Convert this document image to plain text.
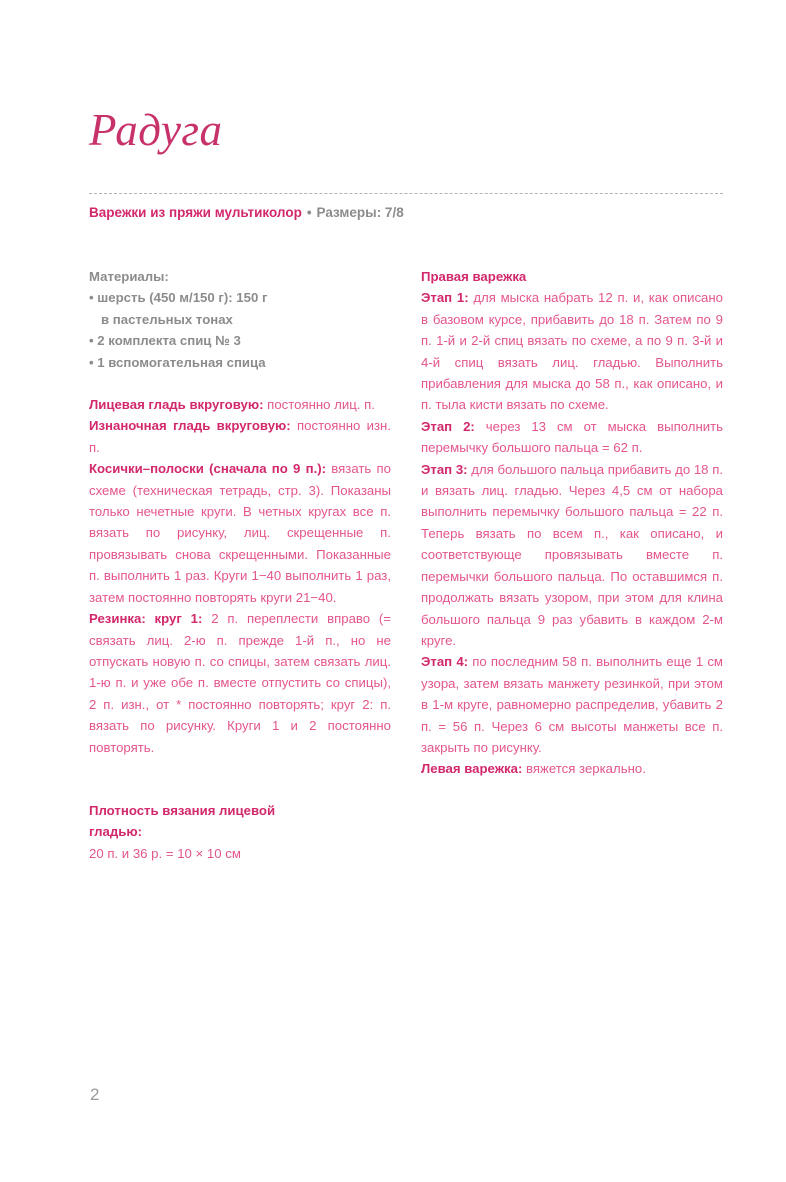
Радуга
Варежки из пряжи мультиколор • Размеры: 7/8

Материалы:

• шерсть (450 м/150 г): 150 г

в пастельных тонах

• 2 комплекта спиц № 3

• 1 вспомогательная спица

Лицевая гладь вкруговую: постоянно лиц. п.

Изнаночная гладь вкруговую: постоянно изн. п.

Косички–полоски (сначала по 9 п.): вязать по схеме (техническая тетрадь, стр. 3). Показаны только нечетные круги. В четных кругах все п. вязать по рисунку, лиц. скрещенные п. провязывать снова скрещенными. Показанные п. выполнить 1 раз. Круги 1−40 выполнить 1 раз, затем постоянно повторять круги 21−40.

Резинка: круг 1: 2 п. переплести вправо (= связать лиц. 2-ю п. прежде 1-й п., но не отпускать новую п. со спицы, затем связать лиц. 1-ю п. и уже обе п. вместе отпустить со спицы), 2 п. изн., от * постоянно повторять; круг 2: п. вязать по рисунку. Круги 1 и 2 постоянно повторять.

Плотность вязания лицевой

гладью:

20 п. и 36 р. = 10 × 10 см

Правая варежка

Этап 1: для мыска набрать 12 п. и, как описано в базовом курсе, прибавить до 18 п. Затем по 9 п. 1-й и 2-й спиц вязать по схеме, а по 9 п. 3-й и 4-й спиц вязать лиц. гладью. Выполнить прибавления для мыска до 58 п., как описано, и п. тыла кисти вязать по схеме.

Этап 2: через 13 см от мыска выполнить перемычку большого пальца = 62 п.

Этап 3: для большого пальца прибавить до 18 п. и вязать лиц. гладью. Через 4,5 см от набора выполнить перемычку большого пальца = 22 п. Теперь вязать по всем п., как описано, и соответствующе провязывать вместе п. перемычки большого пальца. По оставшимся п. продолжать вязать узором, при этом для клина большого пальца 9 раз убавить в каждом 2-м круге.

Этап 4: по последним 58 п. выполнить еще 1 см узора, затем вязать манжету резинкой, при этом в 1-м круге, равномерно распределив, убавить 2 п. = 56 п. Через 6 см высоты манжеты все п. закрыть по рисунку.

Левая варежка: вяжется зеркально.

2
